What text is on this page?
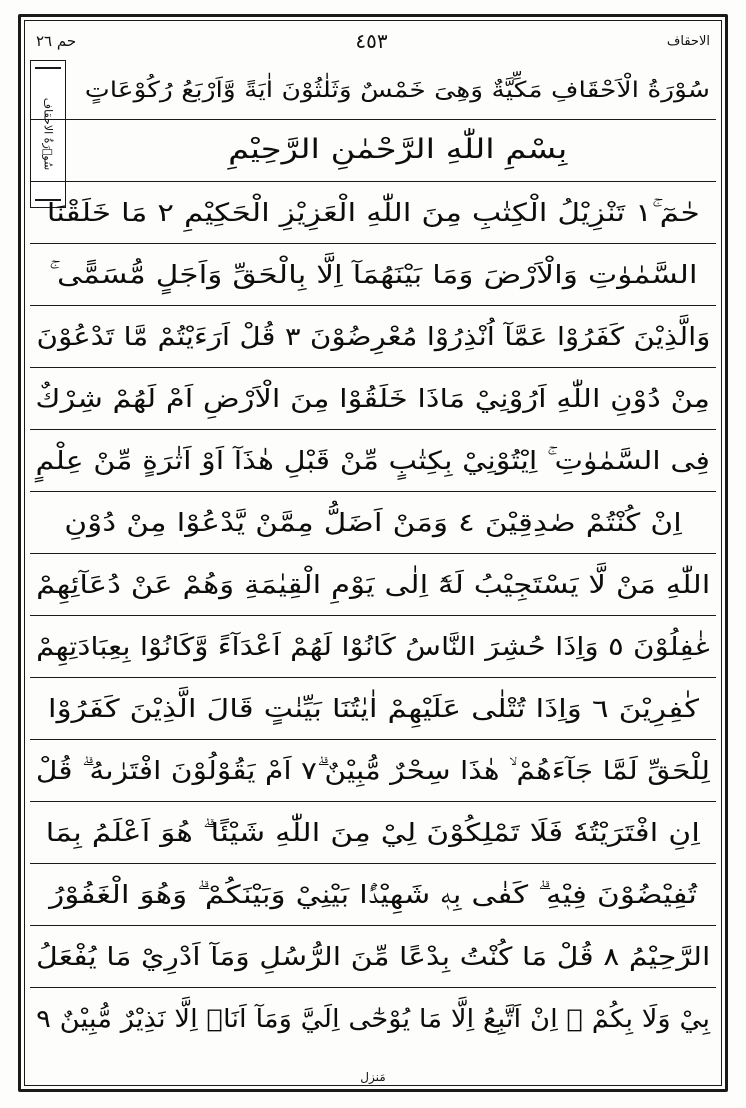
الاحقاف
٤٥٣
حم ٢٦
سُوۡرَةُ الاحقاف
سُوْرَةُ الْاَحْقَافِ مَكِّيَّةٌ وَهِىَ خَمْسٌ وَثَلٰثُوْنَ اٰيَةً وَّاَرْبَعُ رُكُوْعَاتٍ
بِسْمِ اللّٰهِ الرَّحْمٰنِ الرَّحِيْمِ
حٰمٓ ۚ١ تَنْزِيْلُ الْكِتٰبِ مِنَ اللّٰهِ الْعَزِيْزِ الْحَكِيْمِ ٢ مَا خَلَقْنَا
السَّمٰوٰتِ وَالْاَرْضَ وَمَا بَيْنَهُمَآ اِلَّا بِالْحَقِّ وَاَجَلٍ مُّسَمًّى ۚ
وَالَّذِيْنَ كَفَرُوْا عَمَّآ اُنْذِرُوْا مُعْرِضُوْنَ ٣ قُلْ اَرَءَيْتُمْ مَّا تَدْعُوْنَ
مِنْ دُوْنِ اللّٰهِ اَرُوْنِيْ مَاذَا خَلَقُوْا مِنَ الْاَرْضِ اَمْ لَهُمْ شِرْكٌ
فِى السَّمٰوٰتِ ۚ اِيْتُوْنِيْ بِكِتٰبٍ مِّنْ قَبْلِ هٰذَآ اَوْ اَثٰرَةٍ مِّنْ عِلْمٍ
اِنْ كُنْتُمْ صٰدِقِيْنَ ٤ وَمَنْ اَضَلُّ مِمَّنْ يَّدْعُوْا مِنْ دُوْنِ
اللّٰهِ مَنْ لَّا يَسْتَجِيْبُ لَهٗٓ اِلٰى يَوْمِ الْقِيٰمَةِ وَهُمْ عَنْ دُعَآئِهِمْ
غٰفِلُوْنَ ٥ وَاِذَا حُشِرَ النَّاسُ كَانُوْا لَهُمْ اَعْدَآءً وَّكَانُوْا بِعِبَادَتِهِمْ
كٰفِرِيْنَ ٦ وَاِذَا تُتْلٰى عَلَيْهِمْ اٰيٰتُنَا بَيِّنٰتٍ قَالَ الَّذِيْنَ كَفَرُوْا
لِلْحَقِّ لَمَّا جَآءَهُمْ ۙ هٰذَا سِحْرٌ مُّبِيْنٌ ۗ٧ اَمْ يَقُوْلُوْنَ افْتَرٰىهُ ۗ قُلْ
اِنِ افْتَرَيْتُهٗ فَلَا تَمْلِكُوْنَ لِيْ مِنَ اللّٰهِ شَيْئًا ۗ هُوَ اَعْلَمُ بِمَا
تُفِيْضُوْنَ فِيْهِ ۗ كَفٰى بِهٖ شَهِيْدًۢا بَيْنِيْ وَبَيْنَكُمْ ۗ وَهُوَ الْغَفُوْرُ
الرَّحِيْمُ ٨ قُلْ مَا كُنْتُ بِدْعًا مِّنَ الرُّسُلِ وَمَآ اَدْرِيْ مَا يُفْعَلُ
بِيْ وَلَا بِكُمْ ۗ اِنْ اَتَّبِعُ اِلَّا مَا يُوْحٰٓى اِلَيَّ وَمَآ اَنَا۠ اِلَّا نَذِيْرٌ مُّبِيْنٌ ٩
مَنزل
